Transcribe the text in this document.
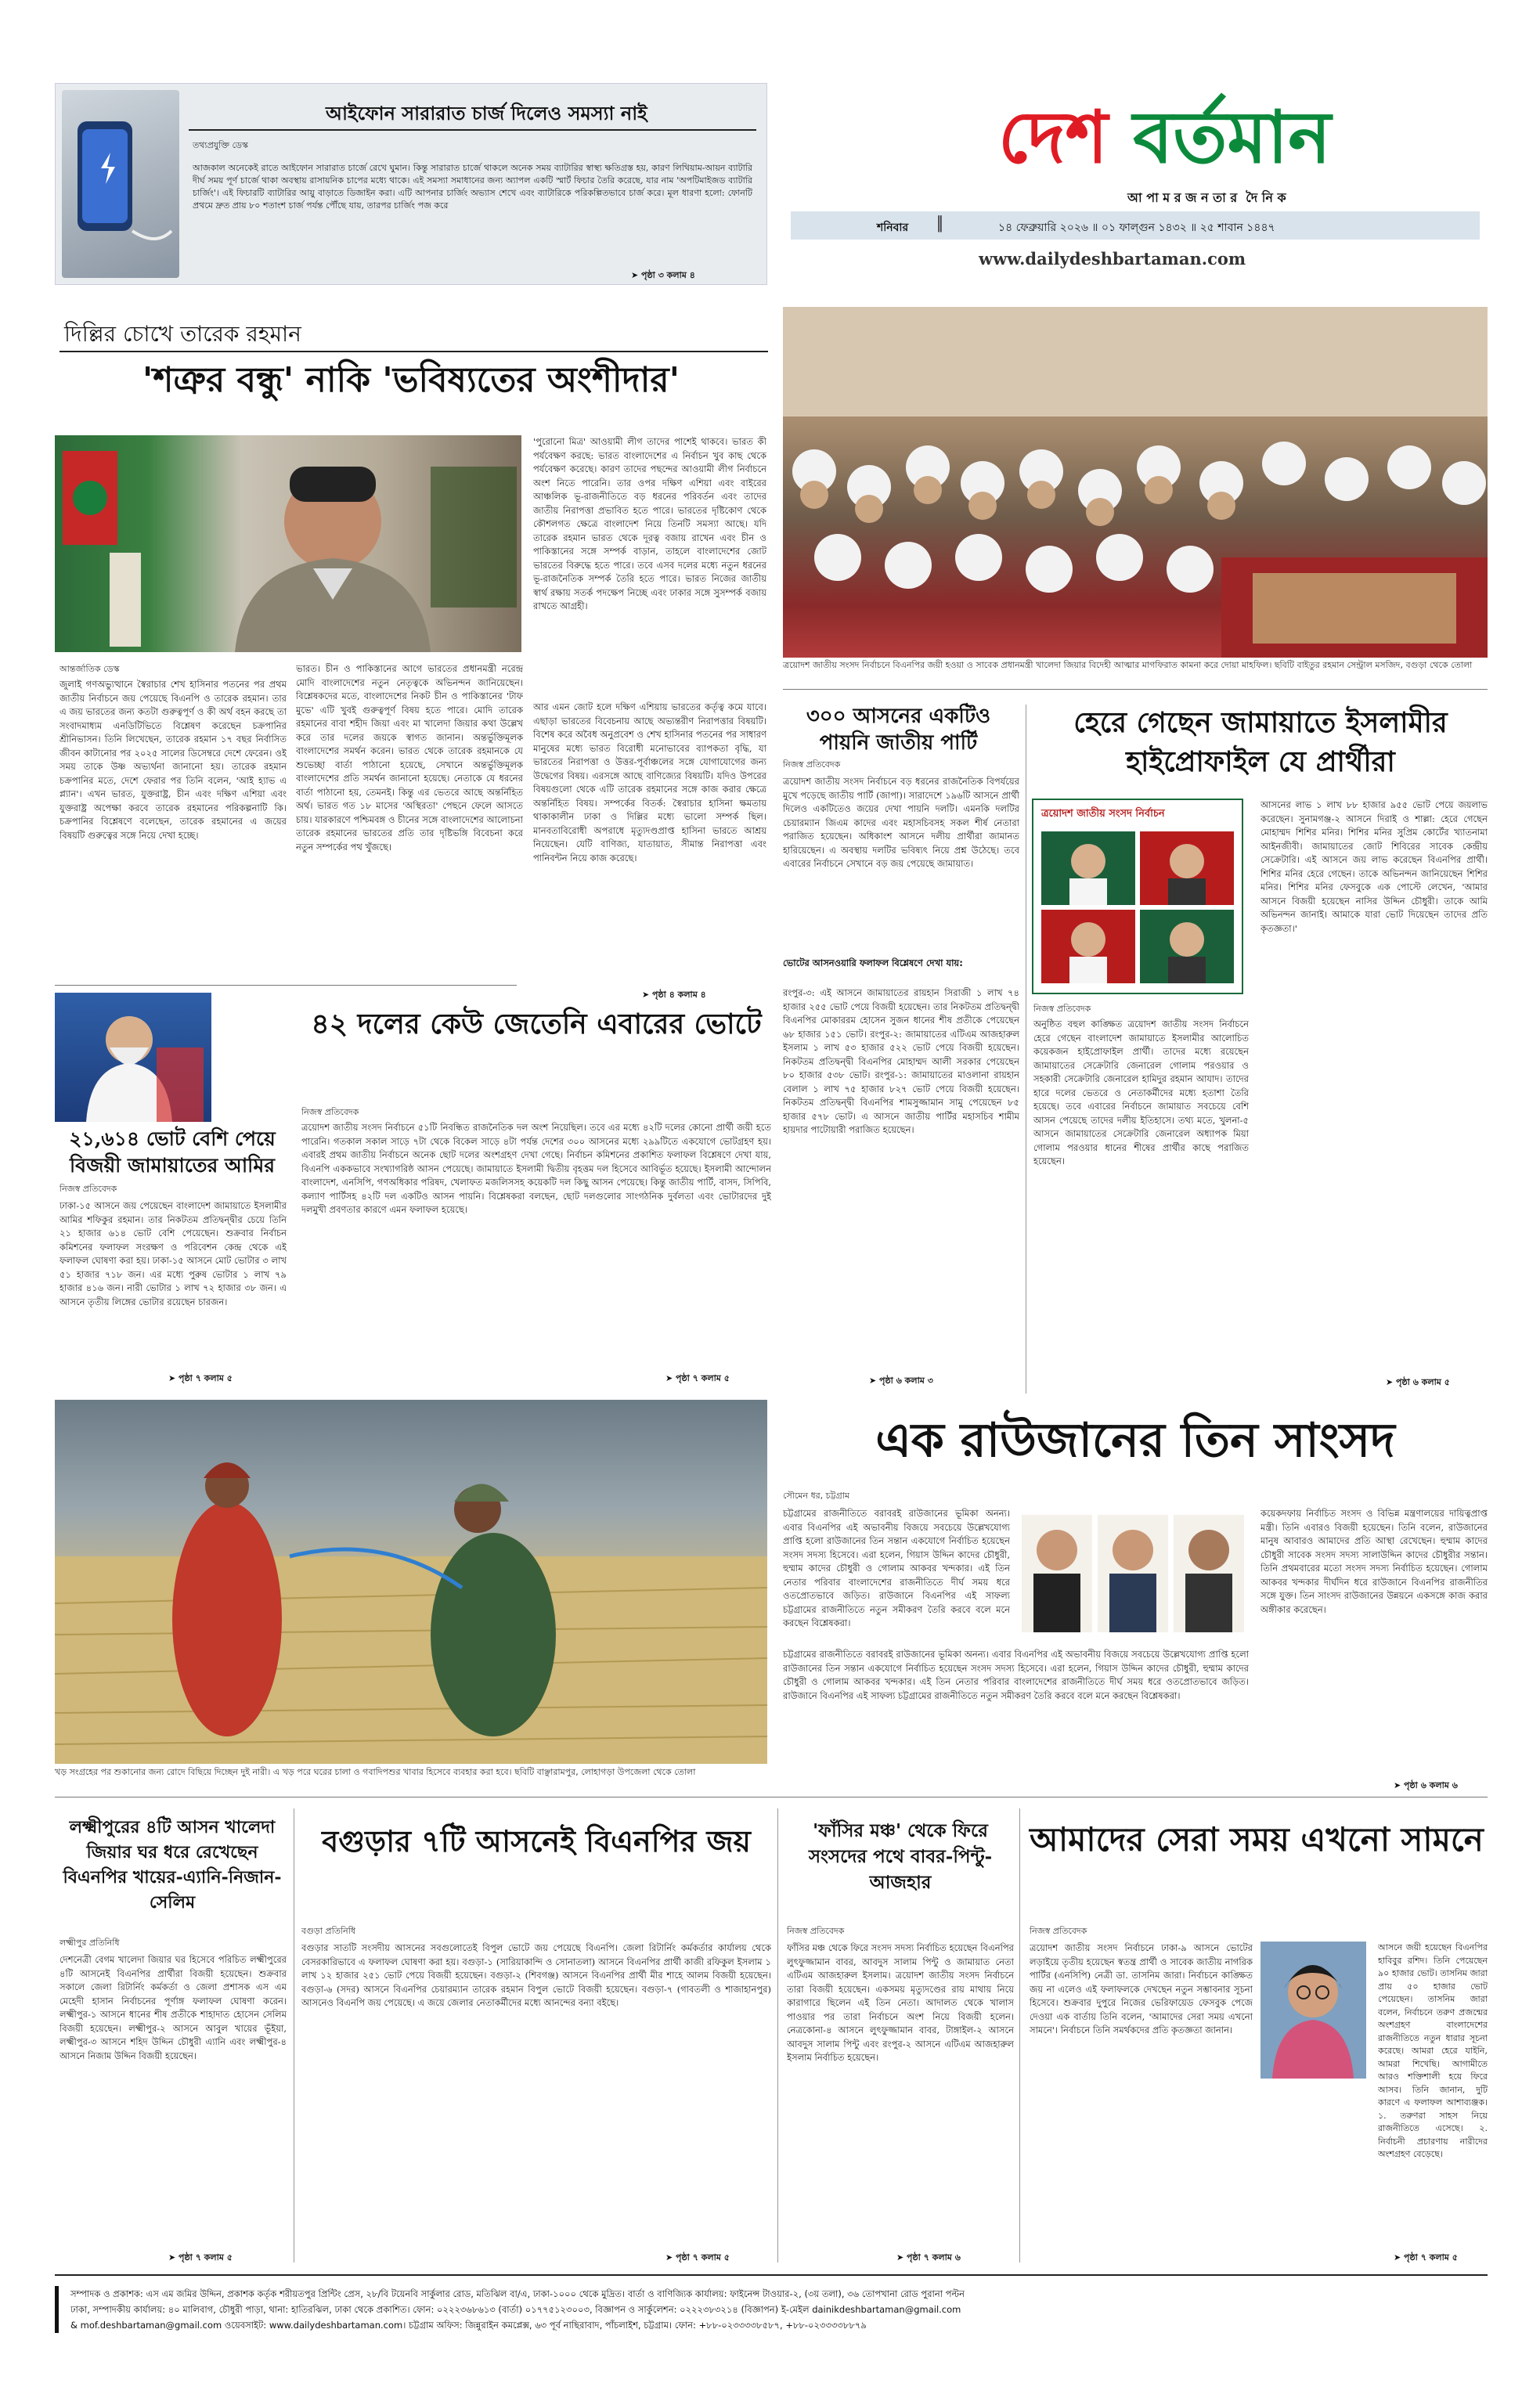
আইফোন সারারাত চার্জ দিলেও সমস্যা নাই
তথ্যপ্রযুক্তি ডেস্ক
আজকাল অনেকেই রাতে আইফোন সারারাত চার্জে রেখে ঘুমান। কিন্তু সারারাত চার্জে থাকলে অনেক সময় ব্যাটারির স্বাস্থ্য ক্ষতিগ্রস্ত হয়, কারণ লিথিয়াম-আয়ন ব্যাটারি দীর্ঘ সময় পূর্ণ চার্জে থাকা অবস্থায় রাসায়নিক চাপের মধ্যে থাকে। এই সমস্যা সমাধানের জন্য অ্যাপল একটি স্মার্ট ফিচার তৈরি করেছে, যার নাম 'অপটিমাইজড ব্যাটারি চার্জিং'। এই ফিচারটি ব্যাটারির আয়ু বাড়াতে ডিজাইন করা। এটি আপনার চার্জিং অভ্যাস শেখে এবং ব্যাটারিকে পরিকল্পিতভাবে চার্জ করে। মূল ধারণা হলো: ফোনটি প্রথমে দ্রুত প্রায় ৮০ শতাংশ চার্জ পর্যন্ত পৌঁছে যায়, তারপর চার্জিং পজ করে
➤ পৃষ্ঠা ৩ কলাম ৪
দেশ বর্তমান
আ পা ম র জ ন তা র  দৈ নি ক
শনিবার ║	১৪ ফেব্রুয়ারি ২০২৬ ॥ ০১ ফাল্গুন ১৪৩২ ॥ ২৫ শাবান ১৪৪৭
www.dailydeshbartaman.com
দিল্লির চোখে তারেক রহমান
'শত্রুর বন্ধু' নাকি 'ভবিষ্যতের অংশীদার'
আন্তর্জাতিক ডেস্ক
জুলাই গণঅভ্যুত্থানে স্বৈরাচার শেখ হাসিনার পতনের পর প্রথম জাতীয় নির্বাচনে জয় পেয়েছে বিএনপি ও তারেক রহমান। তার এ জয় ভারতের জন্য কতটা গুরুত্বপূর্ণ ও কী অর্থ বহন করছে তা সংবাদমাধ্যম এনডিটিভিতে বিশ্লেষণ করেছেন চক্রপানির শ্রীনিভাসন। তিনি লিখেছেন, তারেক রহমান ১৭ বছর নির্বাসিত জীবন কাটানোর পর ২০২৫ সালের ডিসেম্বরে দেশে ফেরেন। ওই সময় তাকে উষ্ণ অভ্যর্থনা জানানো হয়। তারেক রহমান চক্রপানির মতে, দেশে ফেরার পর তিনি বলেন, 'আই হ্যাভ এ প্ল্যান'। এখন ভারত, যুক্তরাষ্ট্র, চীন এবং দক্ষিণ এশিয়া এবং যুক্তরাষ্ট্র অপেক্ষা করবে তারেক রহমানের পরিকল্পনাটি কি। চক্রপানির বিশ্লেষণে বলেছেন, তারেক রহমানের এ জয়ের বিষয়টি গুরুত্বের সঙ্গে নিয়ে দেখা হচ্ছে।
ভারত। চীন ও পাকিস্তানের আগে ভারতের প্রধানমন্ত্রী নরেন্দ্র মোদি বাংলাদেশের নতুন নেতৃত্বকে অভিনন্দন জানিয়েছেন। বিশ্লেষকদের মতে, বাংলাদেশের নিকট চীন ও পাকিস্তানের 'টাফ মুভে' এটি খুবই গুরুত্বপূর্ণ বিষয় হতে পারে। মোদি তারেক রহমানের বাবা শহীদ জিয়া এবং মা খালেদা জিয়ার কথা উল্লেখ করে তার দলের জয়কে স্বাগত জানান। অন্তর্ভুক্তিমূলক বাংলাদেশের সমর্থন করেন। ভারত থেকে তারেক রহমানকে যে শুভেচ্ছা বার্তা পাঠানো হয়েছে, সেখানে অন্তর্ভুক্তিমূলক বাংলাদেশের প্রতি সমর্থন জানানো হয়েছে। নেতাকে যে ধরনের বার্তা পাঠানো হয়, তেমনই। কিন্তু এর ভেতরে আছে অন্তর্নিহিত অর্থ। ভারত গত ১৮ মাসের 'অস্থিরতা' পেছনে ফেলে আসতে চায়। যারকারণে পশ্চিমবঙ্গ ও চীনের সঙ্গে বাংলাদেশের আলোচনা তারেক রহমানের ভারতের প্রতি তার দৃষ্টিভঙ্গি বিবেচনা করে নতুন সম্পর্কের পথ খুঁজছে।
'পুরোনো মিত্র' আওয়ামী লীগ তাদের পাশেই থাকবে। ভারত কী পর্যবেক্ষণ করছে: ভারত বাংলাদেশের এ নির্বাচন খুব কাছ থেকে পর্যবেক্ষণ করেছে। কারণ তাদের পছন্দের আওয়ামী লীগ নির্বাচনে অংশ নিতে পারেনি। তার ওপর দক্ষিণ এশিয়া এবং বাইরের আঞ্চলিক ভূ-রাজনীতিতে বড় ধরনের পরিবর্তন এবং তাদের জাতীয় নিরাপত্তা প্রভাবিত হতে পারে। ভারতের দৃষ্টিকোণ থেকে কৌশলগত ক্ষেত্রে বাংলাদেশ নিয়ে তিনটি সমস্যা আছে। যদি তারেক রহমান ভারত থেকে দূরত্ব বজায় রাখেন এবং চীন ও পাকিস্তানের সঙ্গে সম্পর্ক বাড়ান, তাহলে বাংলাদেশের জোট ভারতের বিরুদ্ধে হতে পারে। তবে এসব দলের মধ্যে নতুন ধরনের ভূ-রাজনৈতিক সম্পর্ক তৈরি হতে পারে। ভারত নিজের জাতীয় স্বার্থ রক্ষায় সতর্ক পদক্ষেপ নিচ্ছে এবং ঢাকার সঙ্গে সুসম্পর্ক বজায় রাখতে আগ্রহী।
আর এমন জোট হলে দক্ষিণ এশিয়ায় ভারতের কর্তৃত্ব কমে যাবে। এছাড়া ভারতের বিবেচনায় আছে অভ্যন্তরীণ নিরাপত্তার বিষয়টি। বিশেষ করে অবৈধ অনুপ্রবেশ ও শেখ হাসিনার পতনের পর সাধারণ মানুষের মধ্যে ভারত বিরোধী মনোভাবের ব্যাপকতা বৃদ্ধি, যা ভারতের নিরাপত্তা ও উত্তর-পূর্বাঞ্চলের সঙ্গে যোগাযোগের জন্য উদ্বেগের বিষয়। এরসঙ্গে আছে বাণিজ্যের বিষয়টি। যদিও উপরের বিষয়গুলো থেকে এটি তারেক রহমানের সঙ্গে কাজ করার ক্ষেত্রে অন্তর্নিহিত বিষয়। সম্পর্কের বিতর্ক: স্বৈরাচার হাসিনা ক্ষমতায় থাকাকালীন ঢাকা ও দিল্লির মধ্যে ভালো সম্পর্ক ছিল। মানবতাবিরোধী অপরাধে মৃত্যুদণ্ডপ্রাপ্ত হাসিনা ভারতে আশ্রয় নিয়েছেন। যেটি বাণিজ্য, যাতায়াত, সীমান্ত নিরাপত্তা এবং পানিবন্টন নিয়ে কাজ করেছে।
➤ পৃষ্ঠা ৪ কলাম ৪
ত্রয়োদশ জাতীয় সংসদ নির্বাচনে বিএনপির জয়ী হওয়া ও সাবেক প্রধানমন্ত্রী খালেদা জিয়ার বিদেহী আত্মার মাগফিরাত কামনা করে দোয়া মাহফিল। ছবিটি বাইতুর রহমান সেন্ট্রাল মসজিদ, বগুড়া থেকে তোলা
৩০০ আসনের একটিও পায়নি জাতীয় পার্টি
নিজস্ব প্রতিবেদক
ত্রয়োদশ জাতীয় সংসদ নির্বাচনে বড় ধরনের রাজনৈতিক বিপর্যয়ের মুখে পড়েছে জাতীয় পার্টি (জাপা)। সারাদেশে ১৯৬টি আসনে প্রার্থী দিলেও একটিতেও জয়ের দেখা পায়নি দলটি। এমনকি দলটির চেয়ারম্যান জিএম কাদের এবং মহাসচিবসহ সকল শীর্ষ নেতারা পরাজিত হয়েছেন। অধিকাংশ আসনে দলীয় প্রার্থীরা জামানত হারিয়েছেন। এ অবস্থায় দলটির ভবিষ্যৎ নিয়ে প্রশ্ন উঠেছে। তবে এবারের নির্বাচনে সেখানে বড় জয় পেয়েছে জামায়াত।
ভোটের আসনওয়ারি ফলাফল বিশ্লেষণে দেখা যায়:
রংপুর-৩: এই আসনে জামায়াতের রায়হান সিরাজী ১ লাখ ৭৪ হাজার ২৫৫ ভোট পেয়ে বিজয়ী হয়েছেন। তার নিকটতম প্রতিদ্বন্দ্বী বিএনপির মোকাররম হোসেন সুজন ধানের শীষ প্রতীকে পেয়েছেন ৬৮ হাজার ১৫১ ভোট। রংপুর-২: জামায়াতের এটিএম আজহারুল ইসলাম ১ লাখ ৫৩ হাজার ৫২২ ভোট পেয়ে বিজয়ী হয়েছেন। নিকটতম প্রতিদ্বন্দ্বী বিএনপির মোহাম্মদ আলী সরকার পেয়েছেন ৮০ হাজার ৫৩৮ ভোট। রংপুর-১: জামায়াতের মাওলানা রায়হান বেলাল ১ লাখ ৭৫ হাজার ৮২৭ ভোট পেয়ে বিজয়ী হয়েছেন। নিকটতম প্রতিদ্বন্দ্বী বিএনপির শামসুজ্জামান সামু পেয়েছেন ৮৫ হাজার ৫৭৮ ভোট। এ আসনে জাতীয় পার্টির মহাসচিব শামীম হায়দার পাটোয়ারী পরাজিত হয়েছেন।
➤ পৃষ্ঠা ৬ কলাম ৩
হেরে গেছেন জামায়াতে ইসলামীর হাইপ্রোফাইল যে প্রার্থীরা
ত্রয়োদশ জাতীয় সংসদ নির্বাচন
নিজস্ব প্রতিবেদক
অনুষ্ঠিত বহুল কাঙ্ক্ষিত ত্রয়োদশ জাতীয় সংসদ নির্বাচনে হেরে গেছেন বাংলাদেশ জামায়াতে ইসলামীর আলোচিত কয়েকজন হাইপ্রোফাইল প্রার্থী। তাদের মধ্যে রয়েছেন জামায়াতের সেক্রেটারি জেনারেল গোলাম পরওয়ার ও সহকারী সেক্রেটারি জেনারেল হামিদুর রহমান আযাদ। তাদের হারে দলের ভেতরে ও নেতাকর্মীদের মধ্যে হতাশা তৈরি হয়েছে। তবে এবারের নির্বাচনে জামায়াত সবচেয়ে বেশি আসন পেয়েছে তাদের দলীয় ইতিহাসে। তথ্য মতে, খুলনা-৫ আসনে জামায়াতের সেক্রেটারি জেনারেল অধ্যাপক মিয়া গোলাম পরওয়ার ধানের শীষের প্রার্থীর কাছে পরাজিত হয়েছেন।
আসনের লাভ ১ লাখ ৮৮ হাজার ৯৫৫ ভোট পেয়ে জয়লাভ করেছেন। সুনামগঞ্জ-২ আসনে দিরাই ও শাল্লা: হেরে গেছেন মোহাম্মদ শিশির মনির। শিশির মনির সুপ্রিম কোর্টের খ্যাতনামা আইনজীবী। জামায়াতের জোট শিবিরের সাবেক কেন্দ্রীয় সেক্রেটারি। এই আসনে জয় লাভ করেছেন বিএনপির প্রার্থী। শিশির মনির হেরে গেছেন। তাকে অভিনন্দন জানিয়েছেন শিশির মনির। শিশির মনির ফেসবুকে এক পোস্টে লেখেন, 'আমার আসনে বিজয়ী হয়েছেন নাসির উদ্দিন চৌধুরী। তাকে আমি অভিনন্দন জানাই। আমাকে যারা ভোট দিয়েছেন তাদের প্রতি কৃতজ্ঞতা।'
➤ পৃষ্ঠা ৬ কলাম ৫
২১,৬১৪ ভোট বেশি পেয়ে বিজয়ী জামায়াতের আমির
নিজস্ব প্রতিবেদক
ঢাকা-১৫ আসনে জয় পেয়েছেন বাংলাদেশ জামায়াতে ইসলামীর আমির শফিকুর রহমান। তার নিকটতম প্রতিদ্বন্দ্বীর চেয়ে তিনি ২১ হাজার ৬১৪ ভোট বেশি পেয়েছেন। শুক্রবার নির্বাচন কমিশনের ফলাফল সংরক্ষণ ও পরিবেশন কেন্দ্র থেকে এই ফলাফল ঘোষণা করা হয়। ঢাকা-১৫ আসনে মোট ভোটার ৩ লাখ ৫১ হাজার ৭১৮ জন। এর মধ্যে পুরুষ ভোটার ১ লাখ ৭৯ হাজার ৪১৬ জন। নারী ভোটার ১ লাখ ৭২ হাজার ৩৮ জন। এ আসনে তৃতীয় লিঙ্গের ভোটার রয়েছেন চারজন।
➤ পৃষ্ঠা ৭ কলাম ৫
৪২ দলের কেউ জেতেনি এবারের ভোটে
নিজস্ব প্রতিবেদক
ত্রয়োদশ জাতীয় সংসদ নির্বাচনে ৫১টি নিবন্ধিত রাজনৈতিক দল অংশ নিয়েছিল। তবে এর মধ্যে ৪২টি দলের কোনো প্রার্থী জয়ী হতে পারেনি। গতকাল সকাল সাড়ে ৭টা থেকে বিকেল সাড়ে ৪টা পর্যন্ত দেশের ৩০০ আসনের মধ্যে ২৯৯টিতে একযোগে ভোটগ্রহণ হয়। এবারই প্রথম জাতীয় নির্বাচনে অনেক ছোট দলের অংশগ্রহণ দেখা গেছে। নির্বাচন কমিশনের প্রকাশিত ফলাফল বিশ্লেষণে দেখা যায়, বিএনপি এককভাবে সংখ্যাগরিষ্ঠ আসন পেয়েছে। জামায়াতে ইসলামী দ্বিতীয় বৃহত্তম দল হিসেবে আবির্ভূত হয়েছে। ইসলামী আন্দোলন বাংলাদেশ, এনসিপি, গণঅধিকার পরিষদ, খেলাফত মজলিসসহ কয়েকটি দল কিছু আসন পেয়েছে। কিন্তু জাতীয় পার্টি, বাসদ, সিপিবি, কল্যাণ পার্টিসহ ৪২টি দল একটিও আসন পায়নি। বিশ্লেষকরা বলছেন, ছোট দলগুলোর সাংগঠনিক দুর্বলতা এবং ভোটারদের দুই দলমুখী প্রবণতার কারণে এমন ফলাফল হয়েছে।
➤ পৃষ্ঠা ৭ কলাম ৫
খড় সংগ্রহের পর শুকানোর জন্য রোদে বিছিয়ে দিচ্ছেন দুই নারী। এ খড় পরে ঘরের চালা ও গবাদিপশুর খাবার হিসেবে ব্যবহার করা হবে। ছবিটি বাঞ্ছারামপুর, লোহাগড়া উপজেলা থেকে তোলা
এক রাউজানের তিন সাংসদ
সৌমেন ধর, চট্টগ্রাম
চট্টগ্রামের রাজনীতিতে বরাবরই রাউজানের ভূমিকা অনন্য। এবার বিএনপির এই অভাবনীয় বিজয়ে সবচেয়ে উল্লেখযোগ্য প্রাপ্তি হলো রাউজানের তিন সন্তান একযোগে নির্বাচিত হয়েছেন সংসদ সদস্য হিসেবে। এরা হলেন, গিয়াস উদ্দিন কাদের চৌধুরী, হুম্মাম কাদের চৌধুরী ও গোলাম আকবর খন্দকার। এই তিন নেতার পরিবার বাংলাদেশের রাজনীতিতে দীর্ঘ সময় ধরে ওতপ্রোতভাবে জড়িত। রাউজানে বিএনপির এই সাফল্য চট্টগ্রামের রাজনীতিতে নতুন সমীকরণ তৈরি করবে বলে মনে করছেন বিশ্লেষকরা।
চট্টগ্রামের রাজনীতিতে বরাবরই রাউজানের ভূমিকা অনন্য। এবার বিএনপির এই অভাবনীয় বিজয়ে সবচেয়ে উল্লেখযোগ্য প্রাপ্তি হলো রাউজানের তিন সন্তান একযোগে নির্বাচিত হয়েছেন সংসদ সদস্য হিসেবে। এরা হলেন, গিয়াস উদ্দিন কাদের চৌধুরী, হুম্মাম কাদের চৌধুরী ও গোলাম আকবর খন্দকার। এই তিন নেতার পরিবার বাংলাদেশের রাজনীতিতে দীর্ঘ সময় ধরে ওতপ্রোতভাবে জড়িত। রাউজানে বিএনপির এই সাফল্য চট্টগ্রামের রাজনীতিতে নতুন সমীকরণ তৈরি করবে বলে মনে করছেন বিশ্লেষকরা।
কয়েকদফায় নির্বাচিত সংসদ ও বিভিন্ন মন্ত্রণালয়ের দায়িত্বপ্রাপ্ত মন্ত্রী। তিনি এবারও বিজয়ী হয়েছেন। তিনি বলেন, রাউজানের মানুষ আবারও আমাদের প্রতি আস্থা রেখেছেন। হুম্মাম কাদের চৌধুরী সাবেক সংসদ সদস্য সালাউদ্দিন কাদের চৌধুরীর সন্তান। তিনি প্রথমবারের মতো সংসদ সদস্য নির্বাচিত হয়েছেন। গোলাম আকবর খন্দকার দীর্ঘদিন ধরে রাউজানে বিএনপির রাজনীতির সঙ্গে যুক্ত। তিন সাংসদ রাউজানের উন্নয়নে একসঙ্গে কাজ করার অঙ্গীকার করেছেন।
➤ পৃষ্ঠা ৬ কলাম ৬
লক্ষ্মীপুরের ৪টি আসন খালেদা জিয়ার ঘর ধরে রেখেছেন বিএনপির খায়ের-এ্যানি-নিজান-সেলিম
লক্ষ্মীপুর প্রতিনিধি
দেশনেত্রী বেগম খালেদা জিয়ার ঘর হিসেবে পরিচিত লক্ষ্মীপুরের ৪টি আসনেই বিএনপির প্রার্থীরা বিজয়ী হয়েছেন। শুক্রবার সকালে জেলা রিটার্নিং কর্মকর্তা ও জেলা প্রশাসক এস এম মেহেদী হাসান নির্বাচনের পূর্ণাঙ্গ ফলাফল ঘোষণা করেন। লক্ষ্মীপুর-১ আসনে ধানের শীষ প্রতীকে শাহাদাত হোসেন সেলিম বিজয়ী হয়েছেন। লক্ষ্মীপুর-২ আসনে আবুল খায়ের ভূঁইয়া, লক্ষ্মীপুর-৩ আসনে শহিদ উদ্দিন চৌধুরী এ্যানি এবং লক্ষ্মীপুর-৪ আসনে নিজাম উদ্দিন বিজয়ী হয়েছেন।
➤ পৃষ্ঠা ৭ কলাম ৫
বগুড়ার ৭টি আসনেই বিএনপির জয়
বগুড়া প্রতিনিধি
বগুড়ার সাতটি সংসদীয় আসনের সবগুলোতেই বিপুল ভোটে জয় পেয়েছে বিএনপি। জেলা রিটার্নিং কর্মকর্তার কার্যালয় থেকে বেসরকারিভাবে এ ফলাফল ঘোষণা করা হয়। বগুড়া-১ (সারিয়াকান্দি ও সোনাতলা) আসনে বিএনপির প্রার্থী কাজী রফিকুল ইসলাম ১ লাখ ১২ হাজার ২৫১ ভোট পেয়ে বিজয়ী হয়েছেন। বগুড়া-২ (শিবগঞ্জ) আসনে বিএনপির প্রার্থী মীর শাহে আলম বিজয়ী হয়েছেন। বগুড়া-৬ (সদর) আসনে বিএনপির চেয়ারম্যান তারেক রহমান বিপুল ভোটে বিজয়ী হয়েছেন। বগুড়া-৭ (গাবতলী ও শাজাহানপুর) আসনেও বিএনপি জয় পেয়েছে। এ জয়ে জেলার নেতাকর্মীদের মধ্যে আনন্দের বন্যা বইছে।
➤ পৃষ্ঠা ৭ কলাম ৫
'ফাঁসির মঞ্চ' থেকে ফিরে সংসদের পথে বাবর-পিন্টু-আজহার
নিজস্ব প্রতিবেদক
ফাঁসির মঞ্চ থেকে ফিরে সংসদ সদস্য নির্বাচিত হয়েছেন বিএনপির লুৎফুজ্জামান বাবর, আবদুস সালাম পিন্টু ও জামায়াত নেতা এটিএম আজহারুল ইসলাম। ত্রয়োদশ জাতীয় সংসদ নির্বাচনে তারা বিজয়ী হয়েছেন। একসময় মৃত্যুদণ্ডের রায় মাথায় নিয়ে কারাগারে ছিলেন এই তিন নেতা। আদালত থেকে খালাস পাওয়ার পর তারা নির্বাচনে অংশ নিয়ে বিজয়ী হলেন। নেত্রকোনা-৪ আসনে লুৎফুজ্জামান বাবর, টাঙ্গাইল-২ আসনে আবদুস সালাম পিন্টু এবং রংপুর-২ আসনে এটিএম আজহারুল ইসলাম নির্বাচিত হয়েছেন।
➤ পৃষ্ঠা ৭ কলাম ৬
আমাদের সেরা সময় এখনো সামনে
নিজস্ব প্রতিবেদক
ত্রয়োদশ জাতীয় সংসদ নির্বাচনে ঢাকা-৯ আসনে ভোটের লড়াইয়ে তৃতীয় হয়েছেন স্বতন্ত্র প্রার্থী ও সাবেক জাতীয় নাগরিক পার্টির (এনসিপি) নেত্রী ডা. তাসনিম জারা। নির্বাচনে কাঙ্ক্ষিত জয় না এলেও এই ফলাফলকে দেখছেন নতুন সম্ভাবনার সূচনা হিসেবে। শুক্রবার দুপুরে নিজের ভেরিফায়েড ফেসবুক পেজে দেওয়া এক বার্তায় তিনি বলেন, 'আমাদের সেরা সময় এখনো সামনে'। নির্বাচনে তিনি সমর্থকদের প্রতি কৃতজ্ঞতা জানান।
আসনে জয়ী হয়েছেন বিএনপির হাবিবুর রশিদ। তিনি পেয়েছেন ৯০ হাজার ভোট। তাসনিম জারা প্রায় ৫০ হাজার ভোট পেয়েছেন। তাসনিম জারা বলেন, নির্বাচনে তরুণ প্রজন্মের অংশগ্রহণ বাংলাদেশের রাজনীতিতে নতুন ধারার সূচনা করেছে। আমরা হেরে যাইনি, আমরা শিখেছি। আগামীতে আরও শক্তিশালী হয়ে ফিরে আসব। তিনি জানান, দুটি কারণে এ ফলাফল আশাব্যঞ্জক। ১. তরুণরা সাহস নিয়ে রাজনীতিতে এসেছে। ২. নির্বাচনী প্রচারণায় নারীদের অংশগ্রহণ বেড়েছে।
➤ পৃষ্ঠা ৭ কলাম ৫
সম্পাদক ও প্রকাশক: এস এম জমির উদ্দিন, প্রকাশক কর্তৃক শরীয়তপুর প্রিন্টিং প্রেস, ২৮/বি টয়েনবি সার্কুলার রোড, মতিঝিল বা/এ, ঢাকা-১০০০ থেকে মুদ্রিত। বার্তা ও বাণিজ্যিক কার্যালয়: ফাইনেন্স টাওয়ার-২, (৩য় তলা), ৩৬ তোপখানা রোড পুরানা পল্টন
ঢাকা, সম্পাদকীয় কার্যালয়: ৪০ মালিবাগ, চৌধুরী পাড়া, থানা: হাতিরঝিল, ঢাকা থেকে প্রকাশিত। ফোন: ০২২২৩৬৮৬১৩ (বার্তা) ০১৭৭৫১২৩০০৩, বিজ্ঞাপন ও সার্কুলেশন: ০২২২৩৮৩২১৪ (বিজ্ঞাপন) ই-মেইল dainikdeshbartaman@gmail.com
& mof.deshbartaman@gmail.com ওয়েবসাইট: www.dailydeshbartaman.com। চট্টগ্রাম অফিস: জিন্নুরাইন কমপ্লেক্স, ৬৩ পূর্ব নাছিরাবাদ, পাঁচলাইশ, চট্টগ্রাম। ফোন: +৮৮-০২৩৩৩৩৮৫৮৭, +৮৮-০২৩৩৩৩৮৮৭৯
